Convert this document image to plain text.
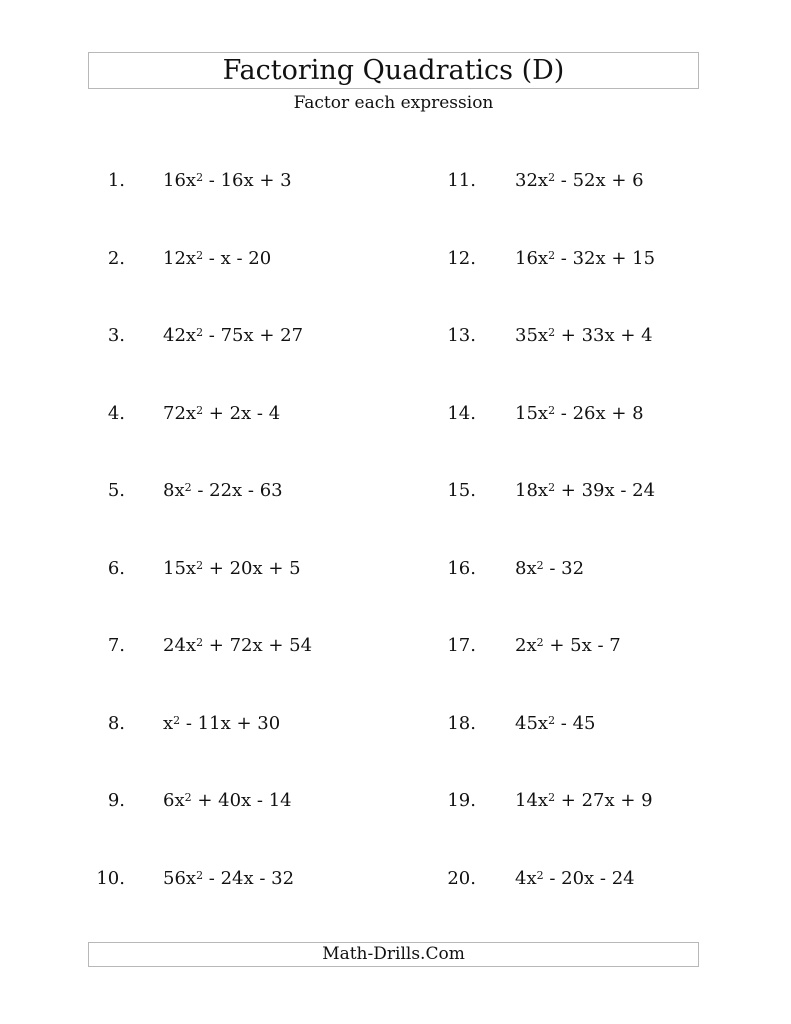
Factoring Quadratics (D)
Factor each expression
1. $16x^2 - 16x + 3$
2. $12x^2$ - x - 20
3. $42x^2 - 75x + 27$
4. $72x^2 + 2x - 4$
5. $8x^2 - 22x - 63$
6. $15x^2 + 20x + 5$
7. $24x^2 + 72x + 54$
8. $x^2 - 11x + 30$
9. $6x^2 + 40x - 14$
10. $56x^2 - 24x - 32$
11. $32x^2 - 52x + 6$
12. $16x^2 - 32x + 15$
13. $35x^2 + 33x + 4$
14. $15x^2 - 26x + 8$
15. $18x^2 + 39x - 24$
16. $8x^2 - 32$
17. $2x^2 + 5x - 7$
18. $45x^2 - 45$
19. $14x^2 + 27x + 9$
20. $4x^2 - 20x - 24$
Math-Drills.Com
